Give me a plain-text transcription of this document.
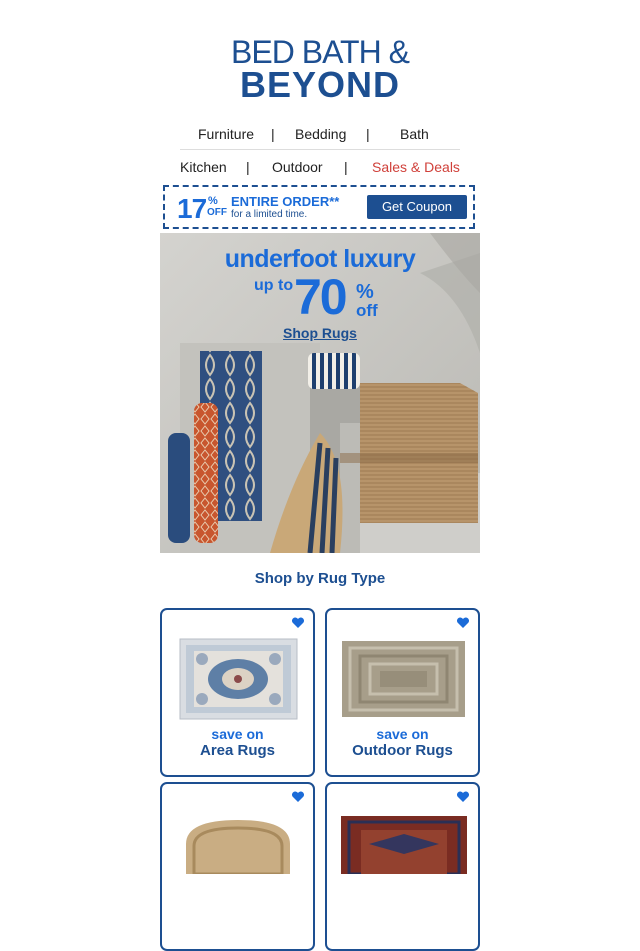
BED BATH &
BEYOND
Furniture | Bedding | Bath
Kitchen | Outdoor | Sales & Deals
17 %
OFF
ENTIRE ORDER**
for a limited time.
Get Coupon
underfoot luxury
up to 70 %
off
Shop Rugs
Shop by Rug Type
save on
Area Rugs
save on
Outdoor Rugs
